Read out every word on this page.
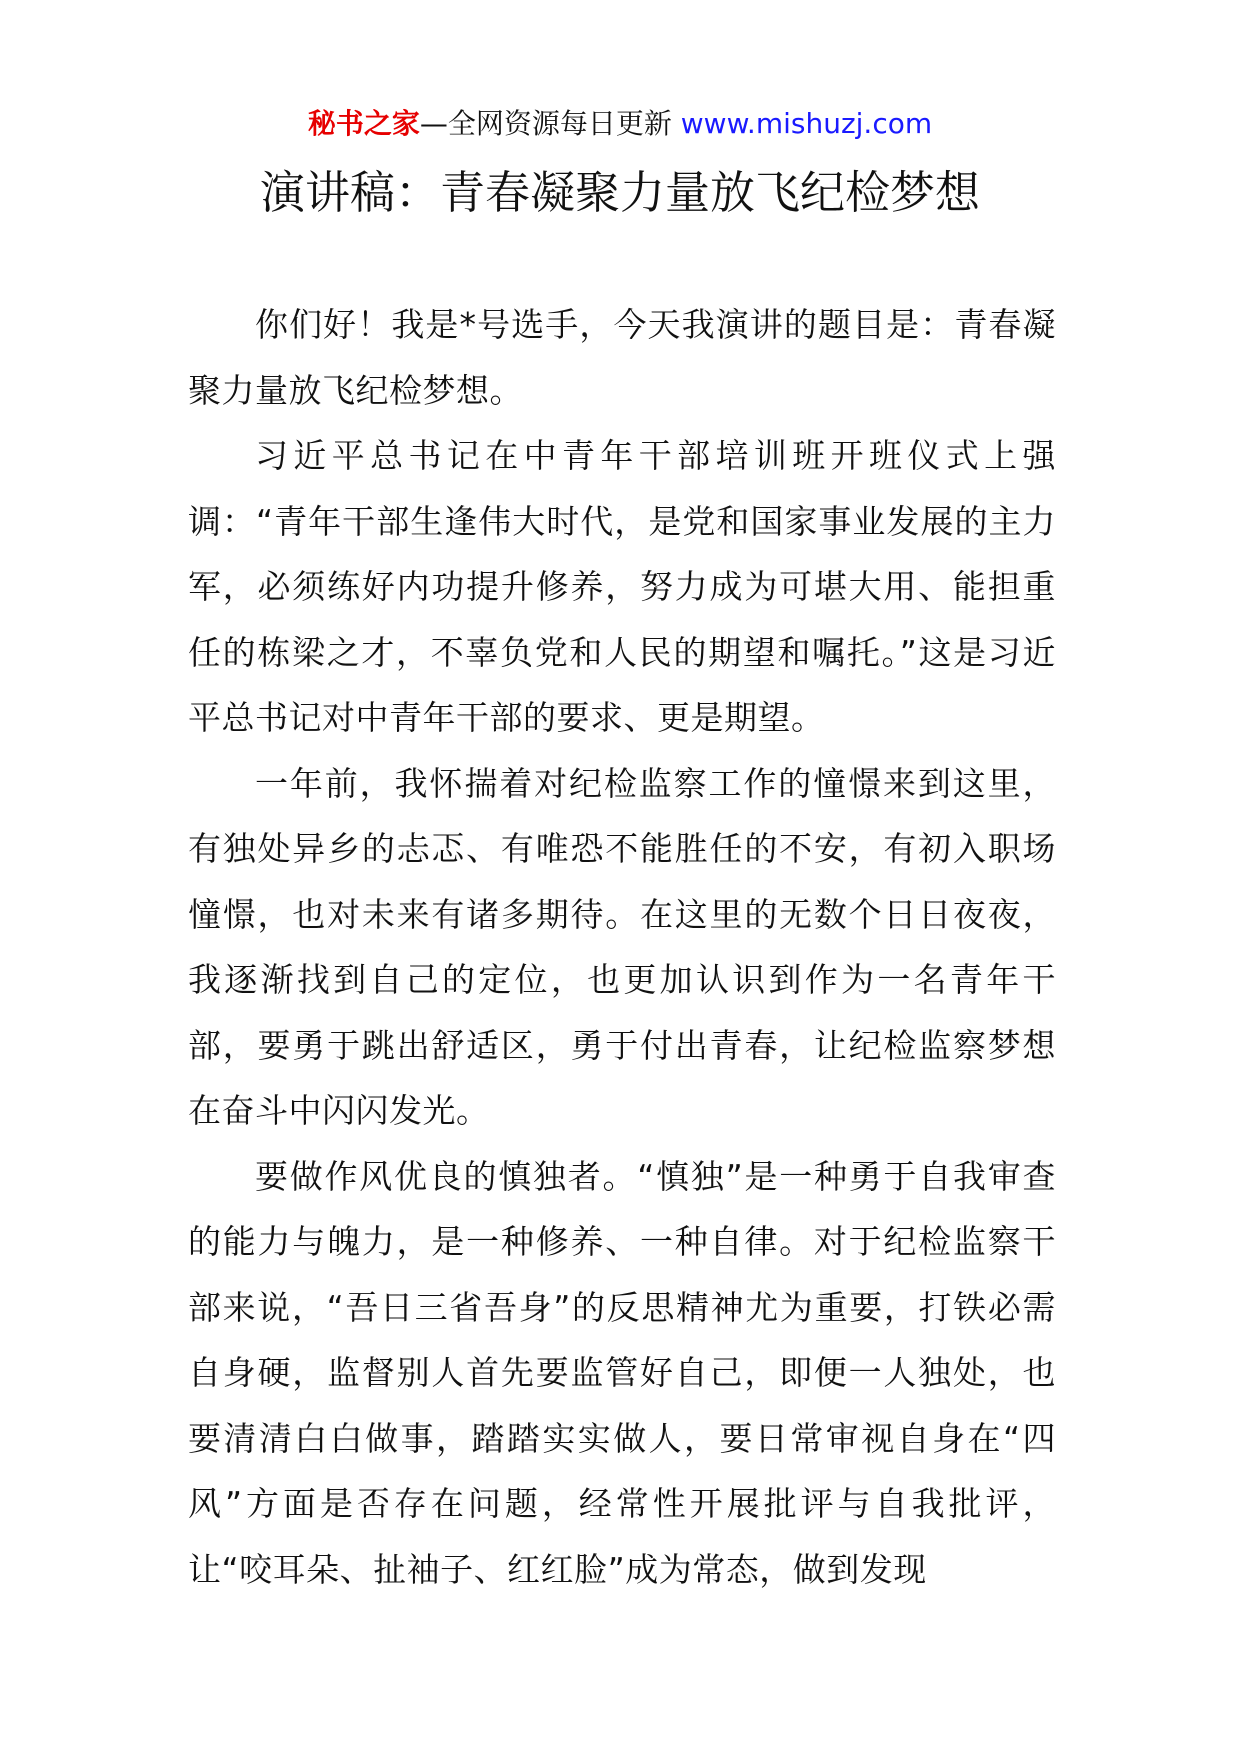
秘书之家—全网资源每日更新 www.mishuzj.com
演讲稿：青春凝聚力量放飞纪检梦想

你们好！我是*号选手，今天我演讲的题目是：青春凝聚力量放飞纪检梦想。

习近平总书记在中青年干部培训班开班仪式上强调：“青年干部生逢伟大时代，是党和国家事业发展的主力军，必须练好内功提升修养，努力成为可堪大用、能担重任的栋梁之才，不辜负党和人民的期望和嘱托。”这是习近平总书记对中青年干部的要求、更是期望。

一年前，我怀揣着对纪检监察工作的憧憬来到这里，有独处异乡的忐忑、有唯恐不能胜任的不安，有初入职场憧憬，也对未来有诸多期待。在这里的无数个日日夜夜，我逐渐找到自己的定位，也更加认识到作为一名青年干部，要勇于跳出舒适区，勇于付出青春，让纪检监察梦想在奋斗中闪闪发光。

要做作风优良的慎独者。“慎独”是一种勇于自我审查的能力与魄力，是一种修养、一种自律。对于纪检监察干部来说，“吾日三省吾身”的反思精神尤为重要，打铁必需自身硬，监督别人首先要监管好自己，即便一人独处，也要清清白白做事，踏踏实实做人，要日常审视自身在“四风”方面是否存在问题，经常性开展批评与自我批评，让“咬耳朵、扯袖子、红红脸”成为常态，做到发现
